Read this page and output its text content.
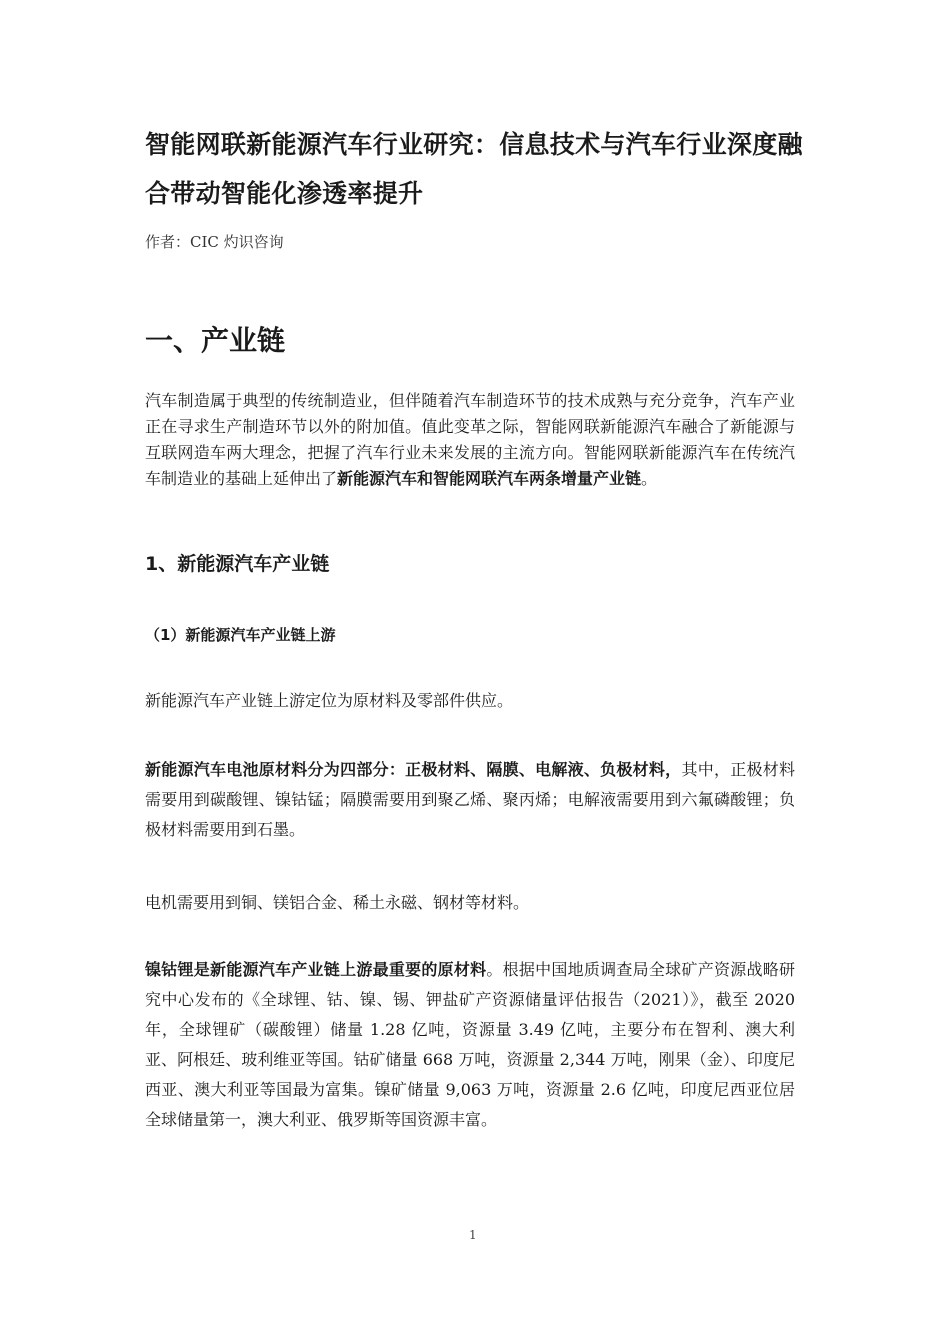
智能网联新能源汽车行业研究：信息技术与汽车行业深度融合带动智能化渗透率提升
作者：CIC 灼识咨询
一、产业链

汽车制造属于典型的传统制造业，但伴随着汽车制造环节的技术成熟与充分竞争，汽车产业正在寻求生产制造环节以外的附加值。值此变革之际，智能网联新能源汽车融合了新能源与互联网造车两大理念，把握了汽车行业未来发展的主流方向。智能网联新能源汽车在传统汽车制造业的基础上延伸出了新能源汽车和智能网联汽车两条增量产业链。

1、新能源汽车产业链
（1）新能源汽车产业链上游

新能源汽车产业链上游定位为原材料及零部件供应。

新能源汽车电池原材料分为四部分：正极材料、隔膜、电解液、负极材料，其中，正极材料需要用到碳酸锂、镍钴锰；隔膜需要用到聚乙烯、聚丙烯；电解液需要用到六氟磷酸锂；负极材料需要用到石墨。

电机需要用到铜、镁铝合金、稀土永磁、钢材等材料。

镍钴锂是新能源汽车产业链上游最重要的原材料。根据中国地质调查局全球矿产资源战略研究中心发布的《全球锂、钴、镍、锡、钾盐矿产资源储量评估报告（2021）》，截至 2020 年，全球锂矿（碳酸锂）储量 1.28 亿吨，资源量 3.49 亿吨，主要分布在智利、澳大利亚、阿根廷、玻利维亚等国。钴矿储量 668 万吨，资源量 2,344 万吨，刚果（金）、印度尼西亚、澳大利亚等国最为富集。镍矿储量 9,063 万吨，资源量 2.6 亿吨，印度尼西亚位居全球储量第一，澳大利亚、俄罗斯等国资源丰富。

1
